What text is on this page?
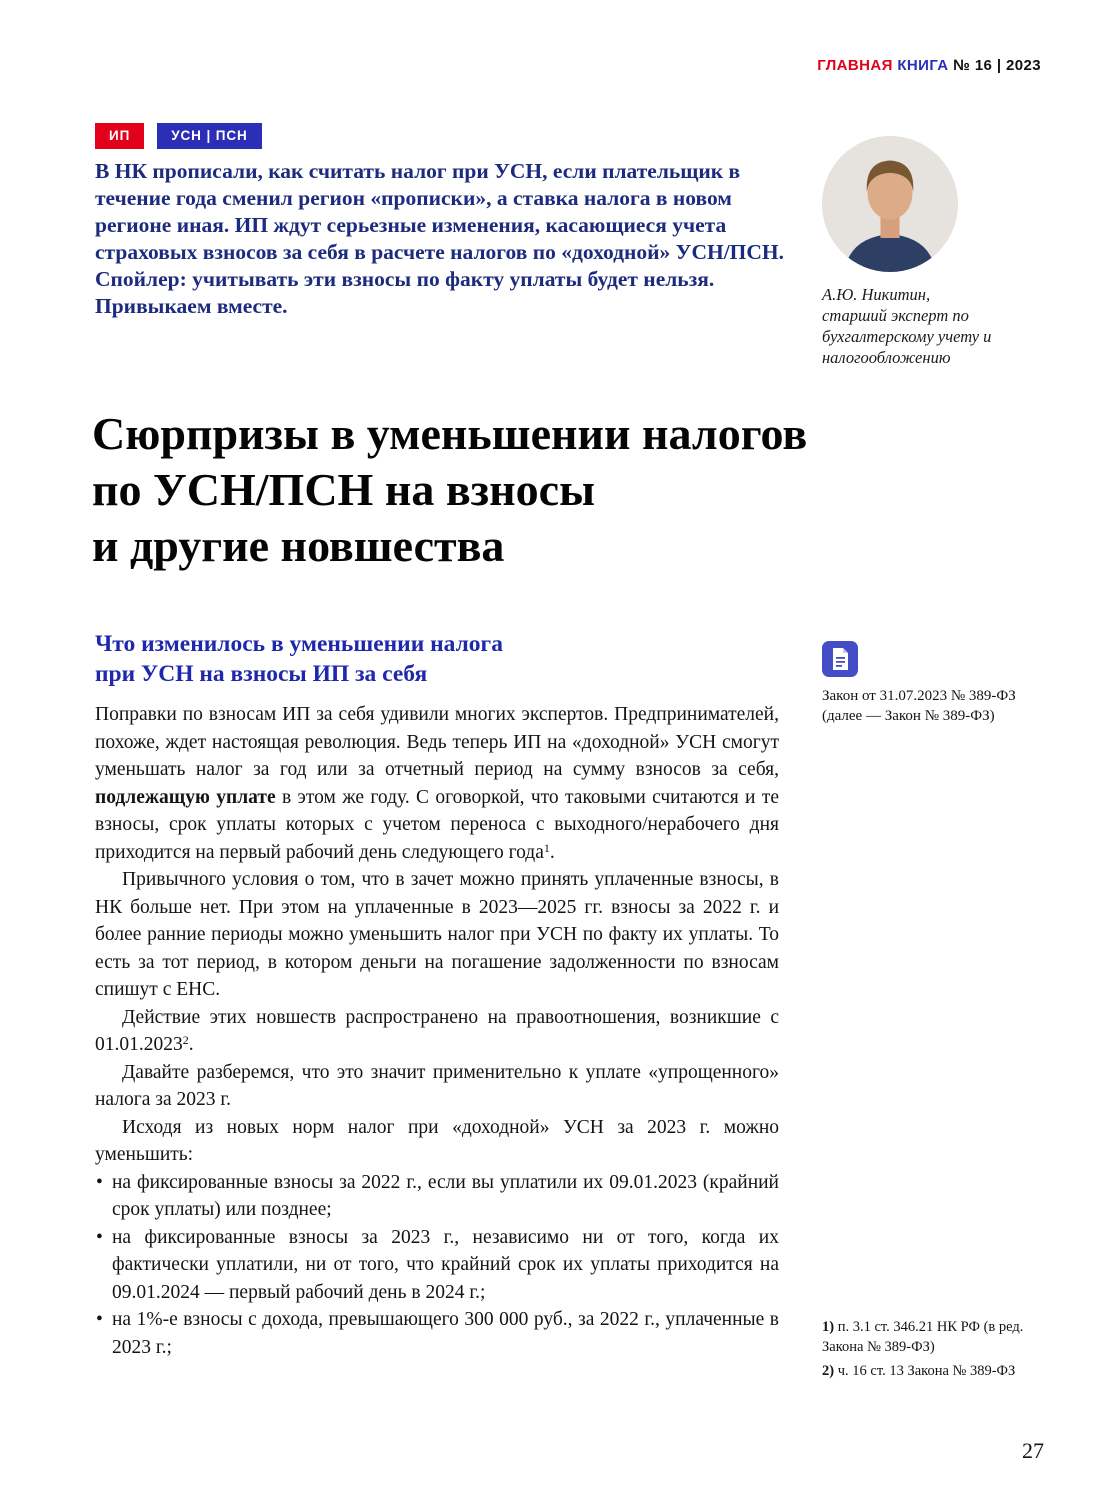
ГЛАВНАЯ КНИГА № 16 | 2023
ИП	УСН | ПСН

В НК прописали, как считать налог при УСН, если плательщик в течение года сменил регион «прописки», а ставка налога в новом регионе иная. ИП ждут серьезные изменения, касающиеся учета страховых взносов за себя в расчете налогов по «доходной» УСН/ПСН. Спойлер: учитывать эти взносы по факту уплаты будет нельзя. Привыкаем вместе.	А.Ю. Никитин,
старший эксперт по бухгалтерскому учету и налогообложению
Сюрпризы в уменьшении налогов
по УСН/ПСН на взносы
и другие новшества
Что изменилось в уменьшении налога
при УСН на взносы ИП за себя
Закон от 31.07.2023 № 389-ФЗ (далее — Закон № 389-ФЗ)

Поправки по взносам ИП за себя удивили многих экспертов. Предпринимателей, похоже, ждет настоящая революция. Ведь теперь ИП на «доходной» УСН смогут уменьшать налог за год или за отчетный период на сумму взносов за себя, подлежащую уплате в этом же году. С оговоркой, что таковыми считаются и те взносы, срок уплаты которых с учетом переноса с выходного/нерабочего дня приходится на первый рабочий день следующего года$^1$.

Привычного условия о том, что в зачет можно принять уплаченные взносы, в НК больше нет. При этом на уплаченные в 2023—2025 гг. взносы за 2022 г. и более ранние периоды можно уменьшить налог при УСН по факту их уплаты. То есть за тот период, в котором деньги на погашение задолженности по взносам спишут с ЕНС.

Действие этих новшеств распространено на правоотношения, возникшие с 01.01.2023$^2$.

Давайте разберемся, что это значит применительно к уплате «упрощенного» налога за 2023 г.

Исходя из новых норм налог при «доходной» УСН за 2023 г. можно уменьшить:

• на фиксированные взносы за 2022 г., если вы уплатили их 09.01.2023 (крайний срок уплаты) или позднее;
• на фиксированные взносы за 2023 г., независимо ни от того, когда их фактически уплатили, ни от того, что крайний срок их уплаты приходится на 09.01.2024 — первый рабочий день в 2024 г.;
• на 1%-е взносы с дохода, превышающего 300 000 руб., за 2022 г., уплаченные в 2023 г.;
1) п. 3.1 ст. 346.21 НК РФ (в ред. Закона № 389-ФЗ)
2) ч. 16 ст. 13 Закона № 389-ФЗ
27
